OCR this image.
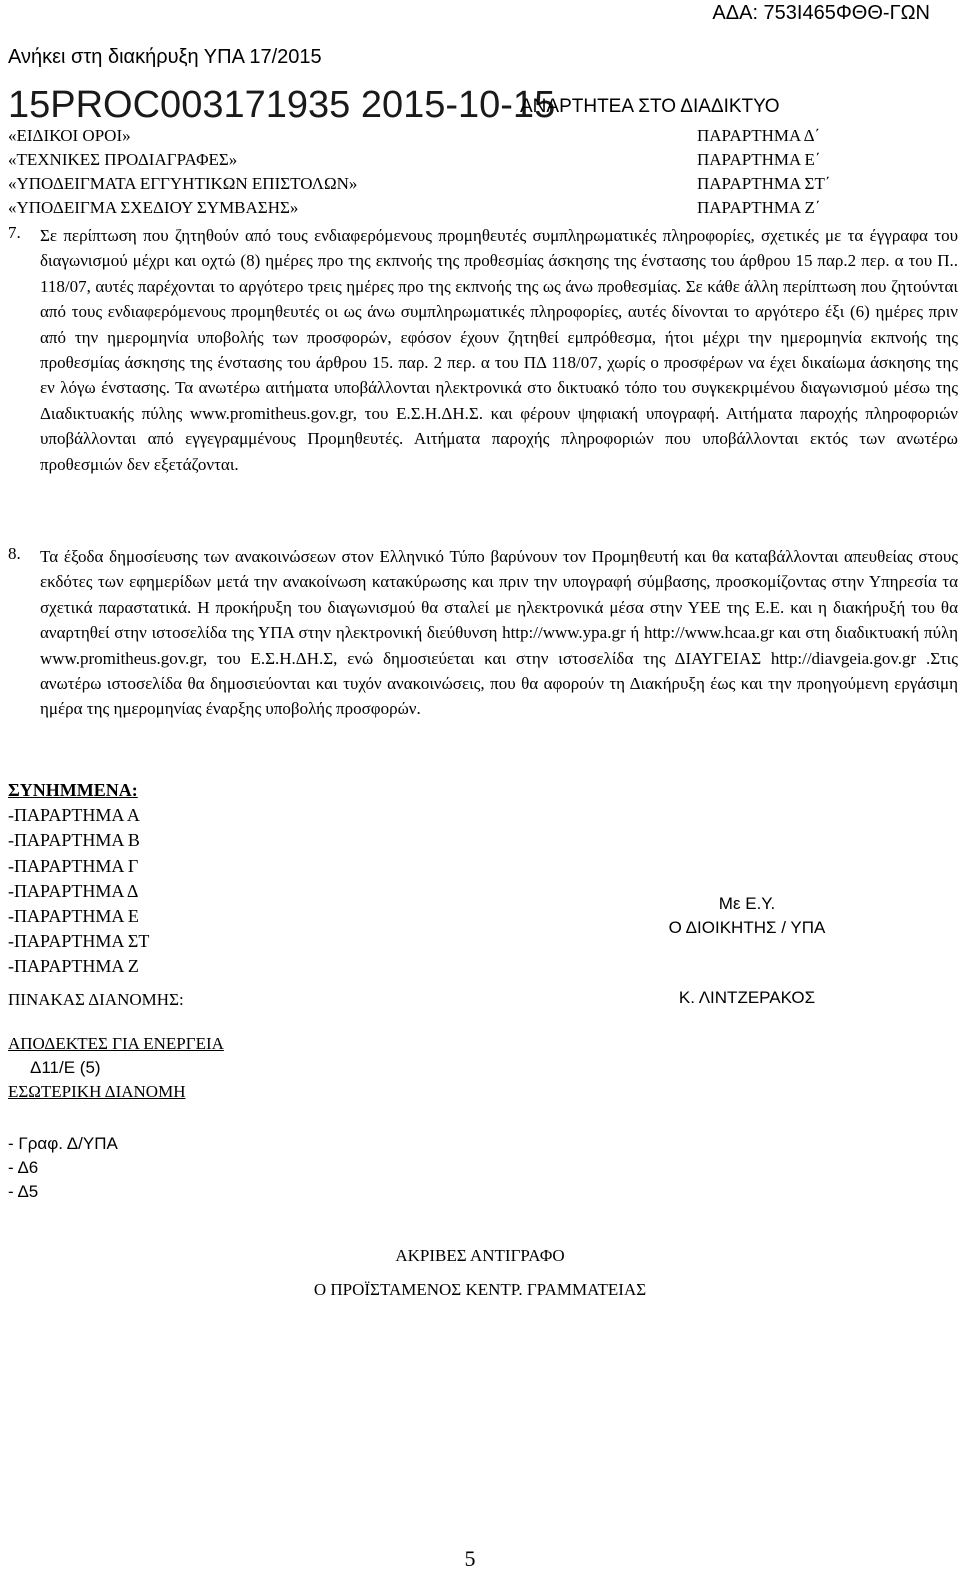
ΑΔΑ: 753Ι465ΦΘΘ-ΓΩΝ
Ανήκει στη διακήρυξη ΥΠΑ 17/2015
15PROC003171935 2015-10-15
ΑΝΑΡΤΗΤΕΑ ΣΤΟ ΔΙΑΔΙΚΤΥΟ
«ΕΙΔΙΚΟΙ ΟΡΟΙ»	ΠΑΡΑΡΤΗΜΑ Δ΄
«ΤΕΧΝΙΚΕΣ ΠΡΟΔΙΑΓΡΑΦΕΣ»	ΠΑΡΑΡΤΗΜΑ Ε΄
«ΥΠΟΔΕΙΓΜΑΤΑ ΕΓΓΥΗΤΙΚΩΝ ΕΠΙΣΤΟΛΩΝ»	ΠΑΡΑΡΤΗΜΑ ΣΤ΄
«ΥΠΟΔΕΙΓΜΑ ΣΧΕΔΙΟΥ ΣΥΜΒΑΣΗΣ»	ΠΑΡΑΡΤΗΜΑ Ζ΄
7. Σε περίπτωση που ζητηθούν από τους ενδιαφερόμενους προμηθευτές συμπληρωματικές πληροφορίες, σχετικές με τα έγγραφα του διαγωνισμού μέχρι και οχτώ (8) ημέρες προ της εκπνοής της προθεσμίας άσκησης της ένστασης του άρθρου 15 παρ.2 περ. α του Π.. 118/07, αυτές παρέχονται το αργότερο τρεις ημέρες προ της εκπνοής της ως άνω προθεσμίας. Σε κάθε άλλη περίπτωση που ζητούνται από τους ενδιαφερόμενους προμηθευτές οι ως άνω συμπληρωματικές πληροφορίες, αυτές δίνονται το αργότερο έξι (6) ημέρες πριν από την ημερομηνία υποβολής των προσφορών, εφόσον έχουν ζητηθεί εμπρόθεσμα, ήτοι μέχρι την ημερομηνία εκπνοής της προθεσμίας άσκησης της ένστασης του άρθρου 15. παρ. 2 περ. α του ΠΔ 118/07, χωρίς ο προσφέρων να έχει δικαίωμα άσκησης της εν λόγω ένστασης. Τα ανωτέρω αιτήματα υποβάλλονται ηλεκτρονικά στο δικτυακό τόπο του συγκεκριμένου διαγωνισμού μέσω της Διαδικτυακής πύλης www.promitheus.gov.gr, του Ε.Σ.Η.ΔΗ.Σ. και φέρουν ψηφιακή υπογραφή. Αιτήματα παροχής πληροφοριών υποβάλλονται από εγγεγραμμένους Προμηθευτές. Αιτήματα παροχής πληροφοριών που υποβάλλονται εκτός των ανωτέρω προθεσμιών δεν εξετάζονται.
8. Τα έξοδα δημοσίευσης των ανακοινώσεων στον Ελληνικό Τύπο βαρύνουν τον Προμηθευτή και θα καταβάλλονται απευθείας στους εκδότες των εφημερίδων μετά την ανακοίνωση κατακύρωσης και πριν την υπογραφή σύμβασης, προσκομίζοντας στην Υπηρεσία τα σχετικά παραστατικά. Η προκήρυξη του διαγωνισμού θα σταλεί με ηλεκτρονικά μέσα στην ΥΕΕ της Ε.Ε. και η διακήρυξή του θα αναρτηθεί στην ιστοσελίδα της ΥΠΑ στην ηλεκτρονική διεύθυνση http://www.ypa.gr ή http://www.hcaa.gr και στη διαδικτυακή πύλη www.promitheus.gov.gr, του Ε.Σ.Η.ΔΗ.Σ, ενώ δημοσιεύεται και στην ιστοσελίδα της ΔΙΑΥΓΕΙΑΣ http://diavgeia.gov.gr .Στις ανωτέρω ιστοσελίδα θα δημοσιεύονται και τυχόν ανακοινώσεις, που θα αφορούν τη Διακήρυξη έως και την προηγούμενη εργάσιμη ημέρα της ημερομηνίας έναρξης υποβολής προσφορών.
ΣΥΝΗΜΜΕΝΑ:
-ΠΑΡΑΡΤΗΜΑ Α
-ΠΑΡΑΡΤΗΜΑ Β
-ΠΑΡΑΡΤΗΜΑ Γ
-ΠΑΡΑΡΤΗΜΑ Δ
-ΠΑΡΑΡΤΗΜΑ Ε
-ΠΑΡΑΡΤΗΜΑ ΣΤ
-ΠΑΡΑΡΤΗΜΑ Ζ
Με Ε.Υ.
Ο ΔΙΟΙΚΗΤΗΣ / ΥΠΑ
Κ. ΛΙΝΤΖΕΡΑΚΟΣ
ΠΙΝΑΚΑΣ ΔΙΑΝΟΜΗΣ:
ΑΠΟΔΕΚΤΕΣ ΓΙΑ ΕΝΕΡΓΕΙΑ
Δ11/Ε (5)
ΕΣΩΤΕΡΙΚΗ ΔΙΑΝΟΜΗ
- Γραφ. Δ/ΥΠΑ
- Δ6
- Δ5
ΑΚΡΙΒΕΣ ΑΝΤΙΓΡΑΦΟ
Ο ΠΡΟΪΣΤΑΜΕΝΟΣ ΚΕΝΤΡ. ΓΡΑΜΜΑΤΕΙΑΣ
5
